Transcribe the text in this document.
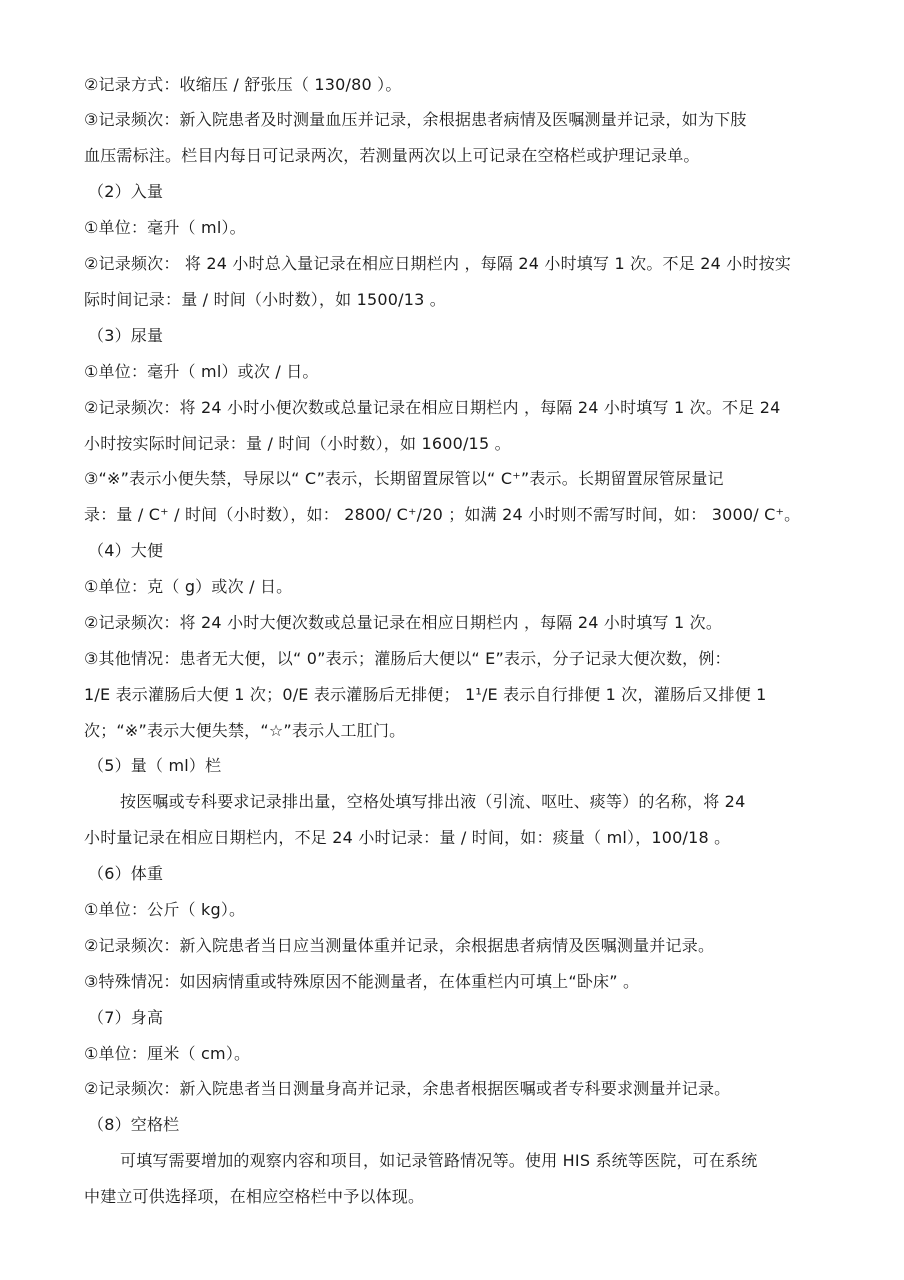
②记录方式：收缩压 / 舒张压（ 130/80 ）。
③记录频次：新入院患者及时测量血压并记录，余根据患者病情及医嘱测量并记录，如为下肢
血压需标注。栏目内每日可记录两次，若测量两次以上可记录在空格栏或护理记录单。
（2）入量
①单位：毫升（ ml）。
②记录频次： 将 24 小时总入量记录在相应日期栏内 ，每隔 24 小时填写 1 次。不足 24 小时按实
际时间记录：量 / 时间（小时数），如 1500/13 。
（3）尿量
①单位：毫升（ ml）或次 / 日。
②记录频次：将 24 小时小便次数或总量记录在相应日期栏内 ，每隔 24 小时填写 1 次。不足 24
小时按实际时间记录：量 / 时间（小时数），如 1600/15 。
③“※”表示小便失禁，导尿以“ C”表示，长期留置尿管以“ C⁺”表示。长期留置尿管尿量记
录：量 / C⁺ / 时间（小时数），如： 2800/ C⁺/20 ；如满 24 小时则不需写时间，如： 3000/ C⁺。
（4）大便
①单位：克（ g）或次 / 日。
②记录频次：将 24 小时大便次数或总量记录在相应日期栏内 ，每隔 24 小时填写 1 次。
③其他情况：患者无大便，以“ 0”表示；灌肠后大便以“ E”表示，分子记录大便次数，例：
1/E 表示灌肠后大便 1 次；0/E 表示灌肠后无排便； 1¹/E 表示自行排便 1 次，灌肠后又排便 1
次；“※”表示大便失禁，“☆”表示人工肛门。
（5）量（ ml）栏
按医嘱或专科要求记录排出量，空格处填写排出液（引流、呕吐、痰等）的名称，将 24
小时量记录在相应日期栏内，不足 24 小时记录：量 / 时间，如：痰量（ ml），100/18 。
（6）体重
①单位：公斤（ kg）。
②记录频次：新入院患者当日应当测量体重并记录，余根据患者病情及医嘱测量并记录。
③特殊情况：如因病情重或特殊原因不能测量者，在体重栏内可填上“卧床” 。
（7）身高
①单位：厘米（ cm）。
②记录频次：新入院患者当日测量身高并记录，余患者根据医嘱或者专科要求测量并记录。
（8）空格栏
可填写需要增加的观察内容和项目，如记录管路情况等。使用 HIS 系统等医院，可在系统
中建立可供选择项，在相应空格栏中予以体现。
